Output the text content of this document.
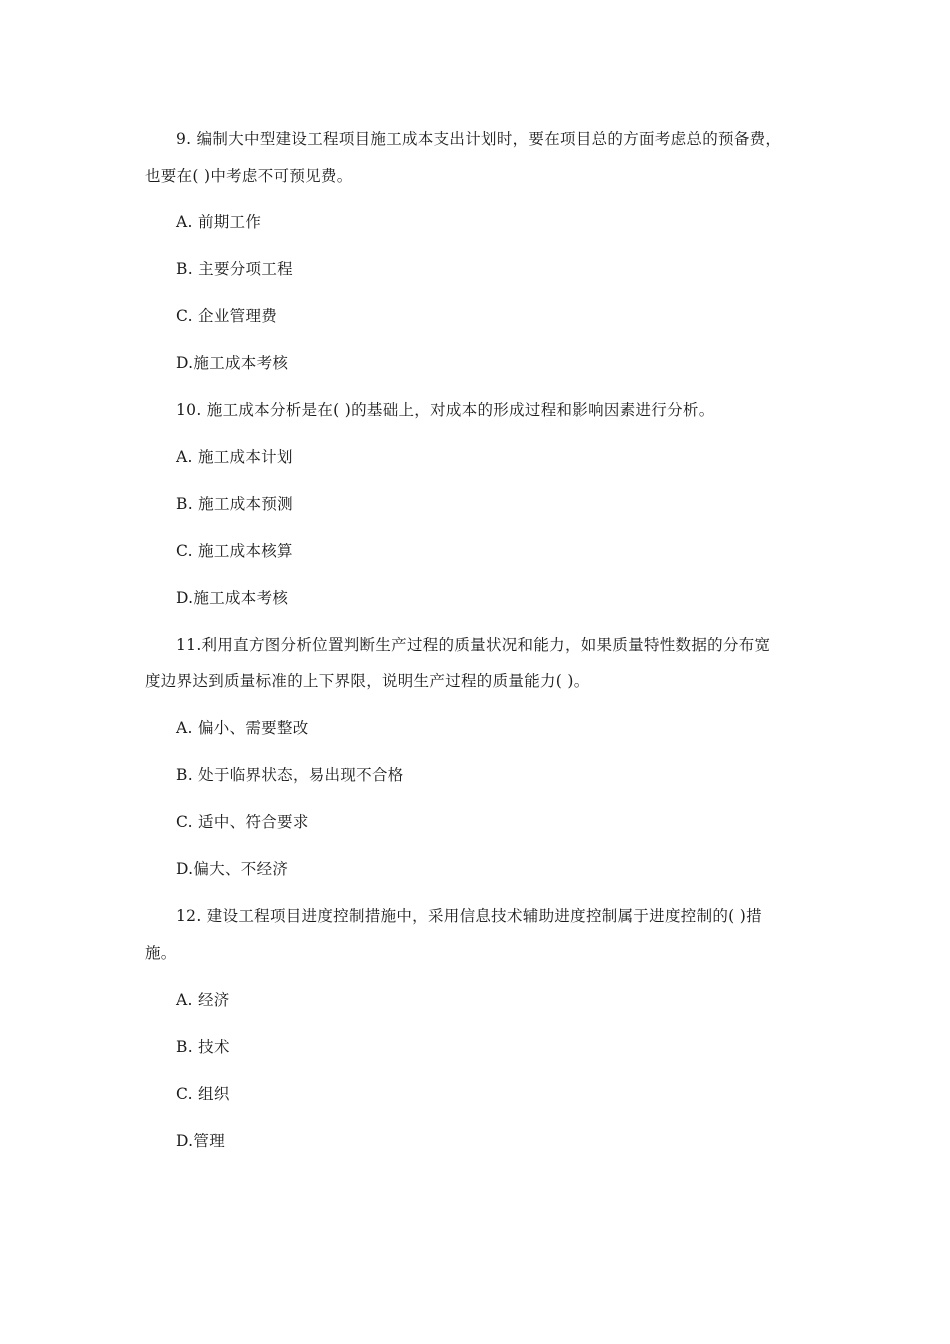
9. 编制大中型建设工程项目施工成本支出计划时，要在项目总的方面考虑总的预备费，
也要在( )中考虑不可预见费。
A. 前期工作
B. 主要分项工程
C. 企业管理费
D.施工成本考核
10. 施工成本分析是在( )的基础上，对成本的形成过程和影响因素进行分析。
A. 施工成本计划
B. 施工成本预测
C. 施工成本核算
D.施工成本考核
11.利用直方图分析位置判断生产过程的质量状况和能力，如果质量特性数据的分布宽
度边界达到质量标准的上下界限，说明生产过程的质量能力( )。
A. 偏小、需要整改
B. 处于临界状态，易出现不合格
C. 适中、符合要求
D.偏大、不经济
12. 建设工程项目进度控制措施中，采用信息技术辅助进度控制属于进度控制的( )措
施。
A. 经济
B. 技术
C. 组织
D.管理
